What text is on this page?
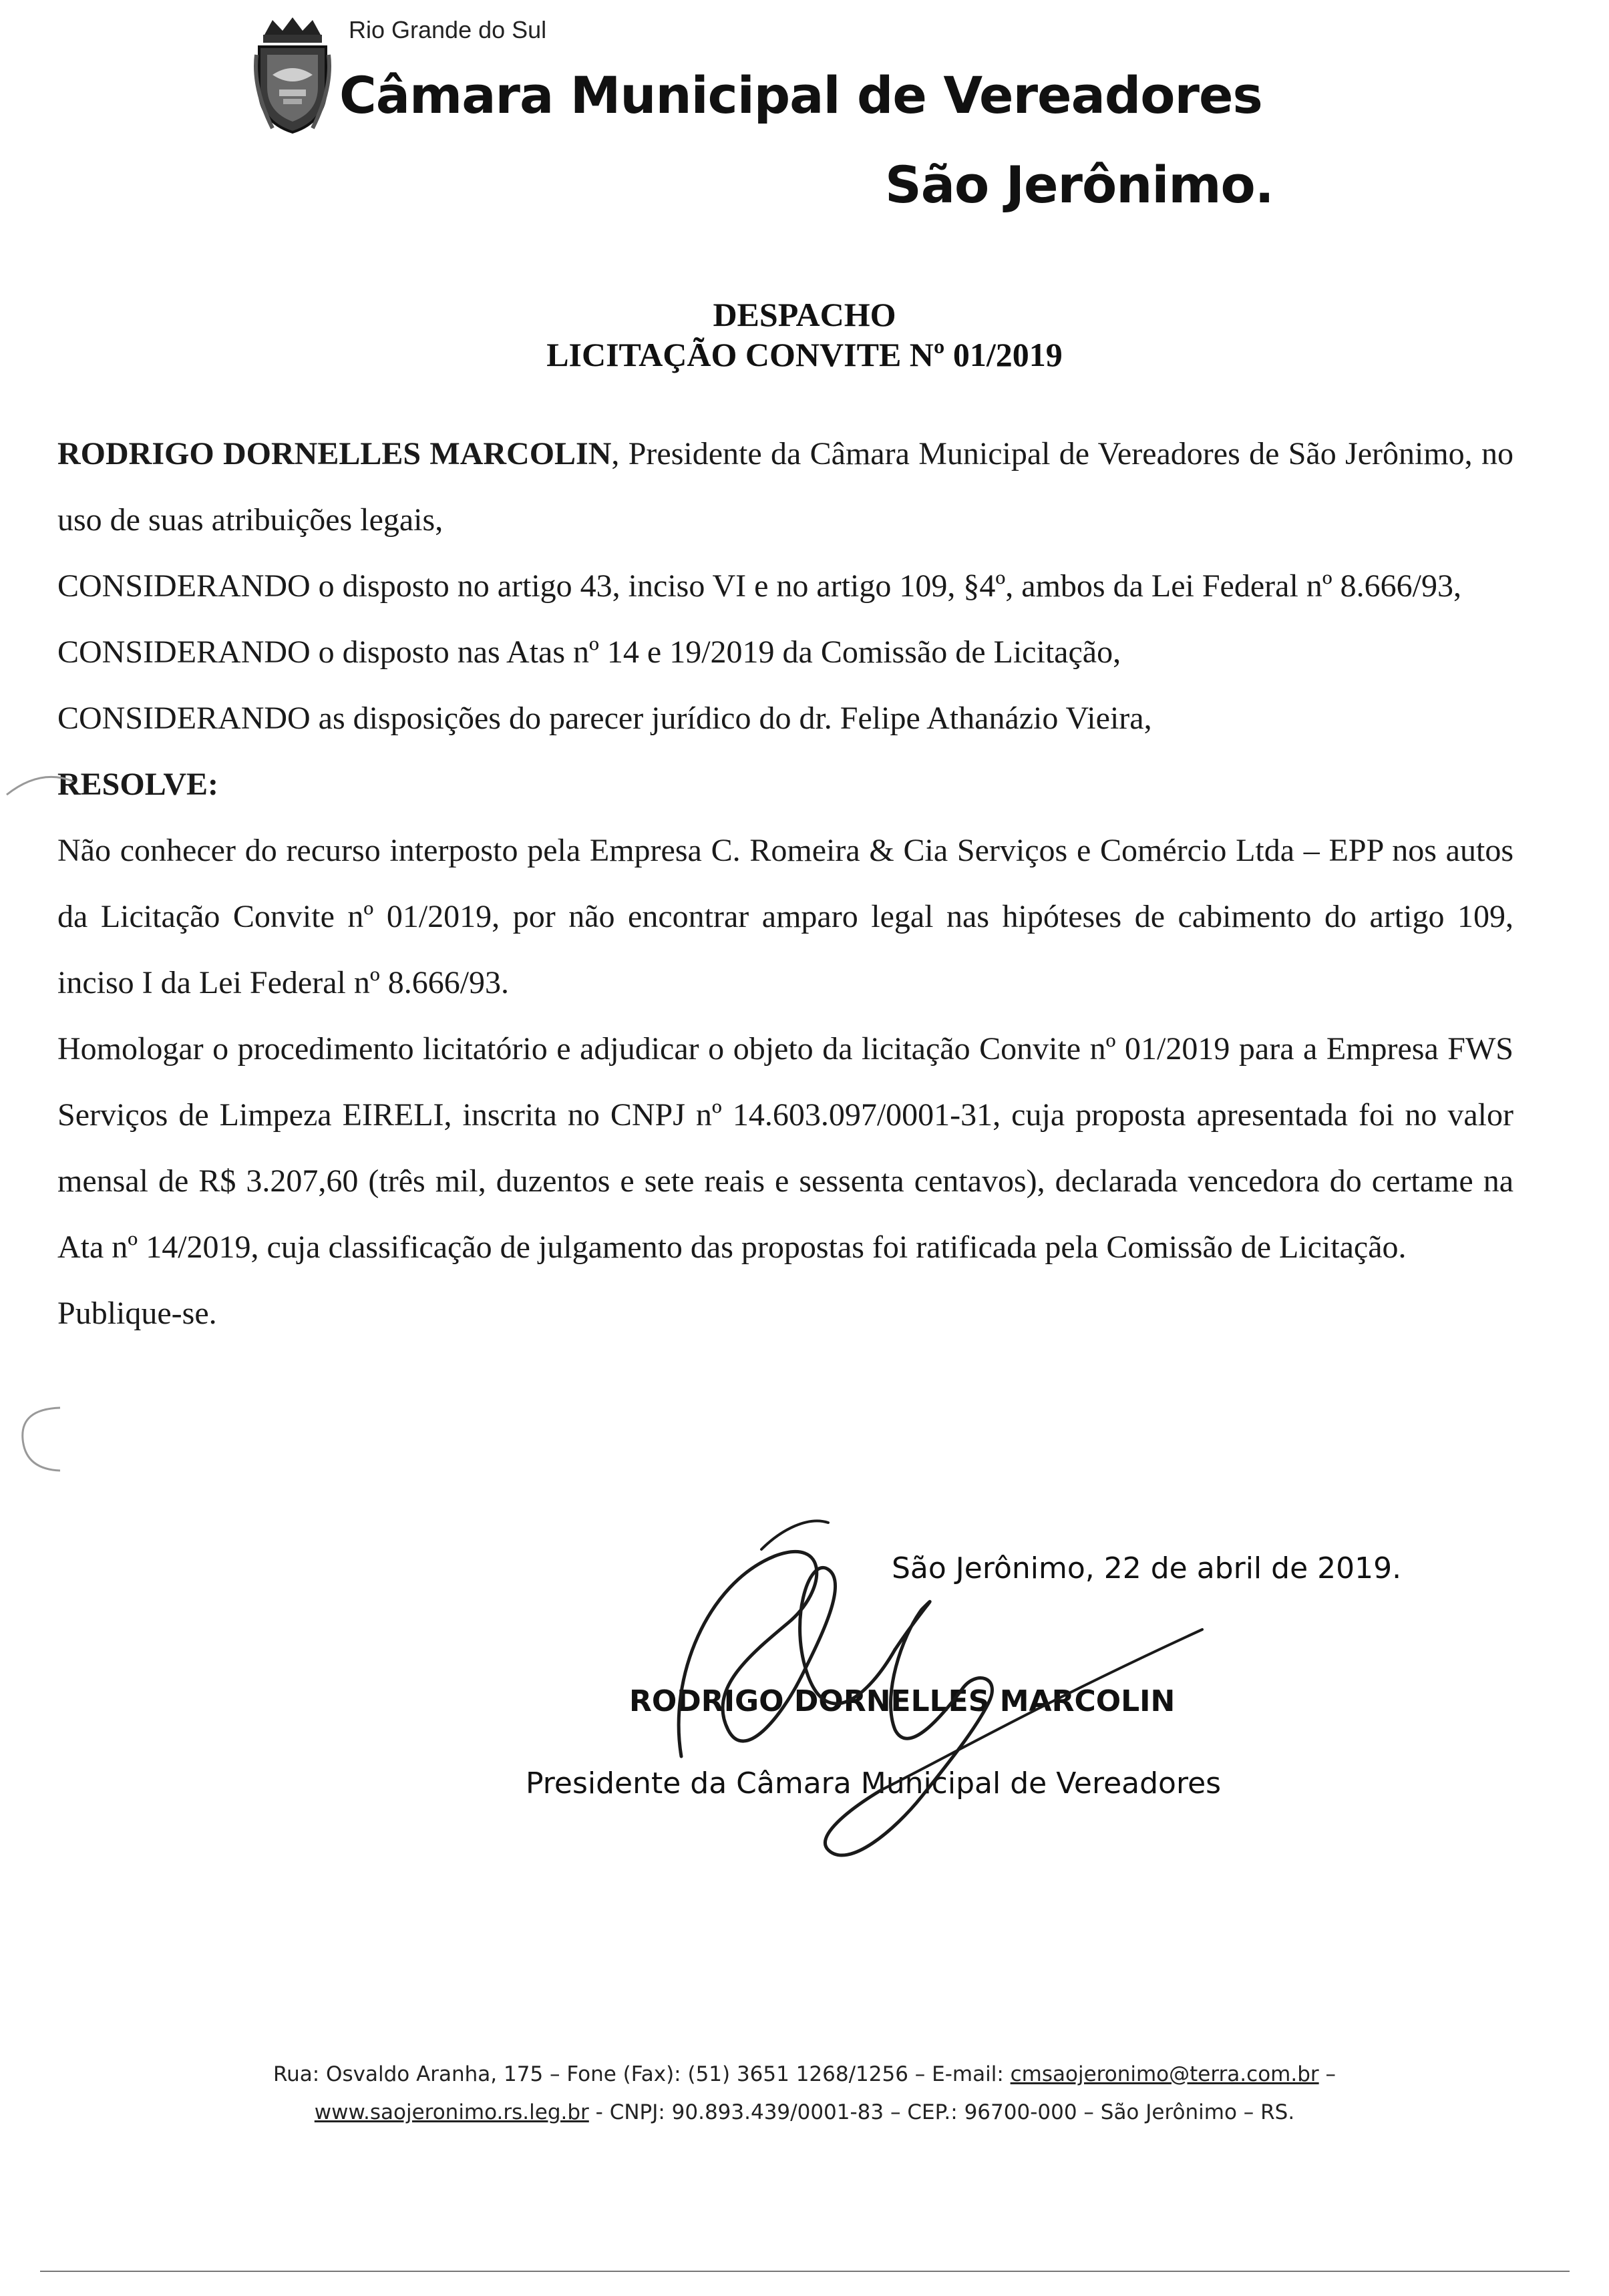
Rio Grande do Sul
Câmara Municipal de Vereadores
São Jerônimo.
DESPACHO
LICITAÇÃO CONVITE Nº 01/2019

RODRIGO DORNELLES MARCOLIN, Presidente da Câmara Municipal de Vereadores de São Jerônimo, no uso de suas atribuições legais,

CONSIDERANDO o disposto no artigo 43, inciso VI e no artigo 109, §4º, ambos da Lei Federal nº 8.666/93,

CONSIDERANDO o disposto nas Atas nº 14 e 19/2019 da Comissão de Licitação,

CONSIDERANDO as disposições do parecer jurídico do dr. Felipe Athanázio Vieira,

RESOLVE:

Não conhecer do recurso interposto pela Empresa C. Romeira & Cia Serviços e Comércio Ltda – EPP nos autos da Licitação Convite nº 01/2019, por não encontrar amparo legal nas hipóteses de cabimento do artigo 109, inciso I da Lei Federal nº 8.666/93.

Homologar o procedimento licitatório e adjudicar o objeto da licitação Convite nº 01/2019 para a Empresa FWS Serviços de Limpeza EIRELI, inscrita no CNPJ nº 14.603.097/0001-31, cuja proposta apresentada foi no valor mensal de R$ 3.207,60 (três mil, duzentos e sete reais e sessenta centavos), declarada vencedora do certame na Ata nº 14/2019, cuja classificação de julgamento das propostas foi ratificada pela Comissão de Licitação.

Publique-se.

São Jerônimo, 22 de abril de 2019.
RODRIGO DORNELLES MARCOLIN
Presidente da Câmara Municipal de Vereadores
Rua: Osvaldo Aranha, 175 – Fone (Fax): (51) 3651 1268/1256 – E-mail: cmsaojeronimo@terra.com.br –
www.saojeronimo.rs.leg.br - CNPJ: 90.893.439/0001-83 – CEP.: 96700-000 – São Jerônimo – RS.
